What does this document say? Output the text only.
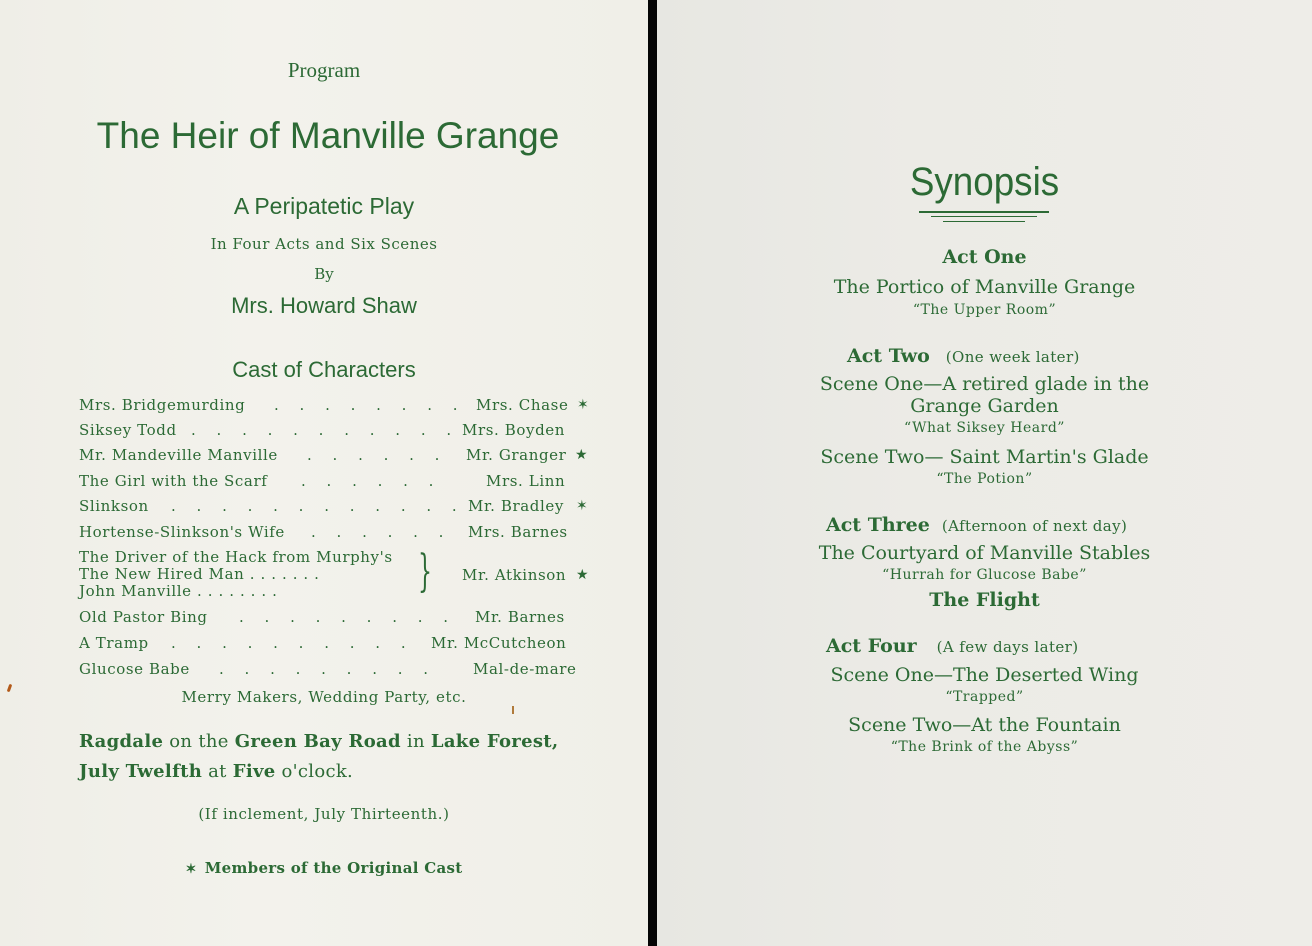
Program
The Heir of Manville Grange
A Peripatetic Play
In Four Acts and Six Scenes
By
Mrs. Howard Shaw
Cast of Characters
Mrs. Bridgemurding . . . . . . . . Mrs. Chase ✶
Siksey Todd . . . . . . . . . . . Mrs. Boyden
Mr. Mandeville Manville . . . . . . Mr. Granger ★
The Girl with the Scarf . . . . . .	Mrs. Linn
Slinkson . . . . . . . . . . . . Mr. Bradley ✶
Hortense-Slinkson's Wife . . . . . . Mrs. Barnes
The Driver of the Hack from Murphy's
The New Hired Man . . . . . . .
John Manville . . . . . . . .	} Mr. Atkinson ★
Old Pastor Bing . . . . . . . . . Mr. Barnes
A Tramp . . . . . . . . . . Mr. McCutcheon
Glucose Babe . . . . . . . . . Mal-de-mare
Merry Makers, Wedding Party, etc.
Ragdale on the Green Bay Road in Lake Forest,
July Twelfth at Five o'clock.
(If inclement, July Thirteenth.)
✶ Members of the Original Cast
Synopsis
Act One
The Portico of Manville Grange
“The Upper Room”
Act Two (One week later)
Scene One—A retired glade in the
Grange Garden
“What Siksey Heard”
Scene Two— Saint Martin's Glade
“The Potion”
Act Three (Afternoon of next day)
The Courtyard of Manville Stables
“Hurrah for Glucose Babe”
The Flight
Act Four (A few days later)
Scene One—The Deserted Wing
“Trapped”
Scene Two—At the Fountain
“The Brink of the Abyss”
